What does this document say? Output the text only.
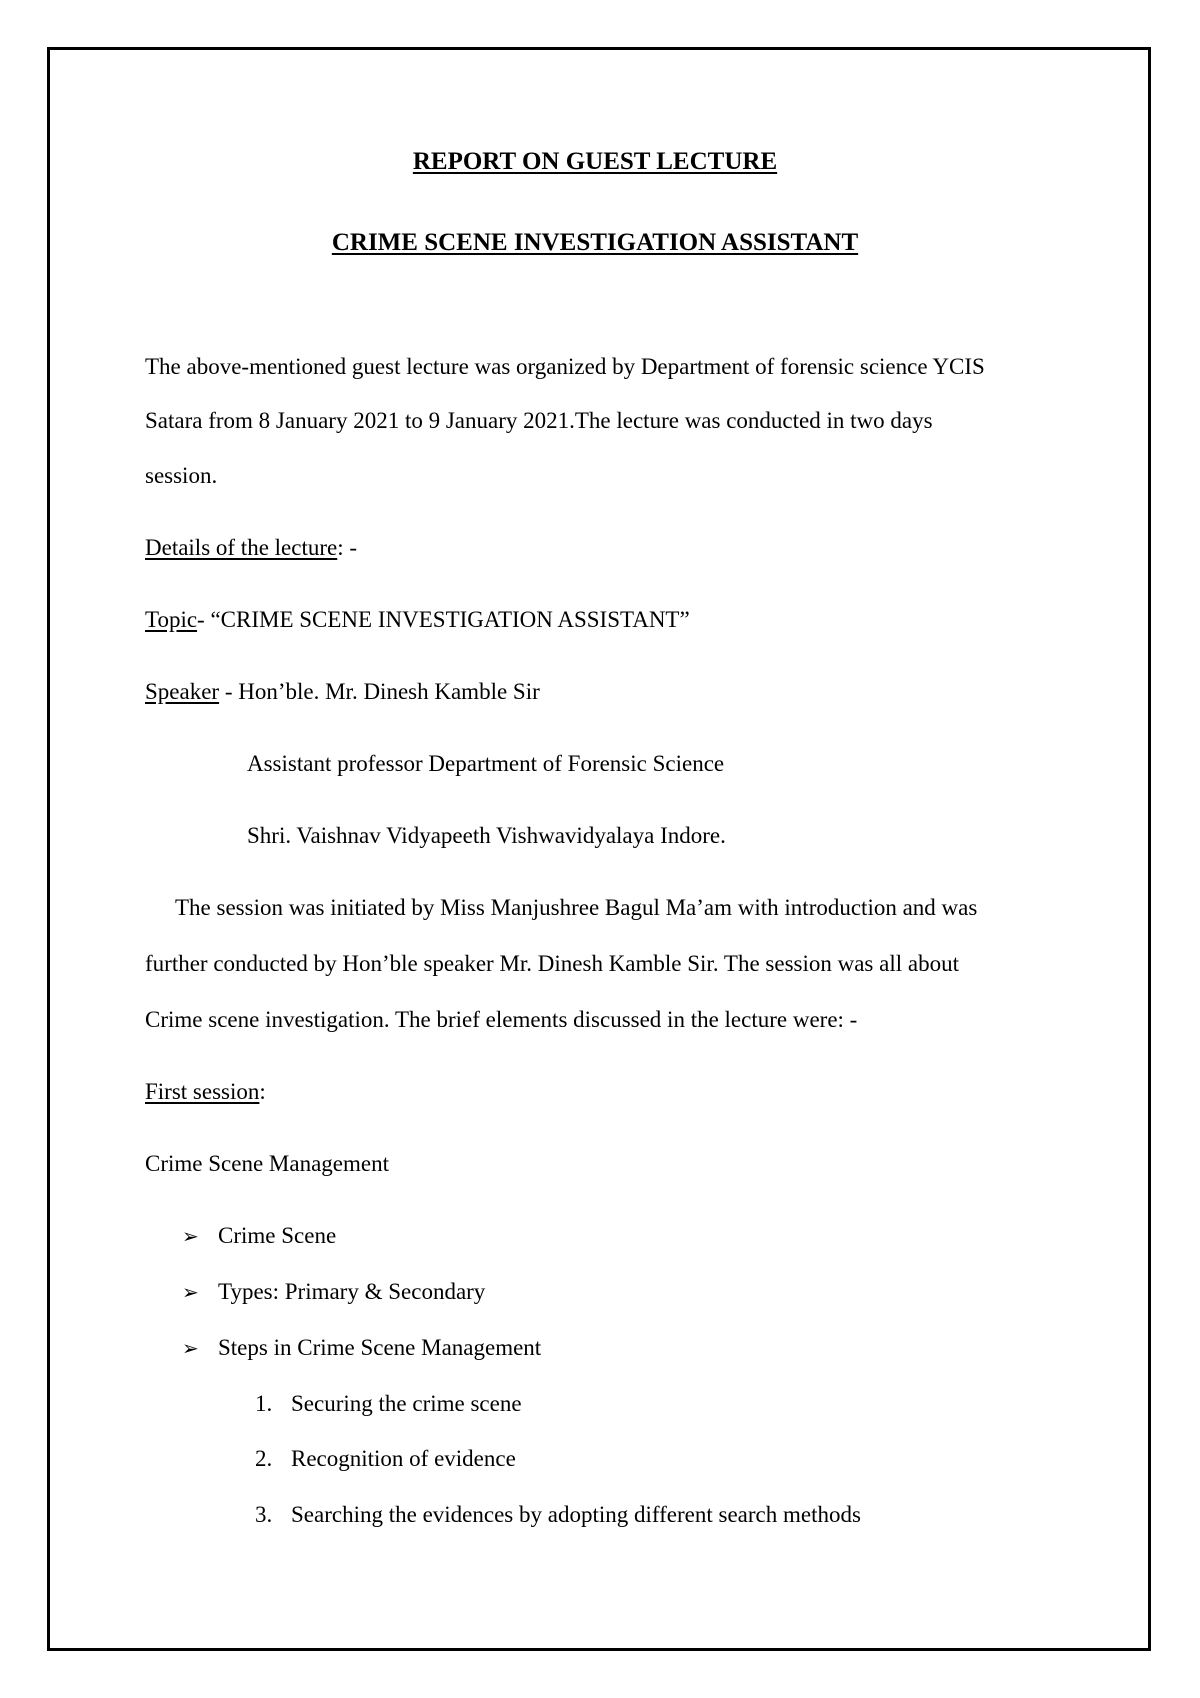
REPORT ON GUEST LECTURE
CRIME SCENE INVESTIGATION ASSISTANT
The above-mentioned guest lecture was organized by Department of forensic science YCIS
Satara from 8 January 2021 to 9 January 2021.The lecture was conducted in two days
session.
Details of the lecture: -
Topic- “CRIME SCENE INVESTIGATION ASSISTANT”
Speaker - Hon’ble. Mr. Dinesh Kamble Sir
Assistant professor Department of Forensic Science
Shri. Vaishnav Vidyapeeth Vishwavidyalaya Indore.
The session was initiated by Miss Manjushree Bagul Ma’am with introduction and was
further conducted by Hon’ble speaker Mr. Dinesh Kamble Sir. The session was all about
Crime scene investigation. The brief elements discussed in the lecture were: -
First session:
Crime Scene Management
➢ Crime Scene
➢ Types: Primary & Secondary
➢ Steps in Crime Scene Management
1. Securing the crime scene
2. Recognition of evidence
3. Searching the evidences by adopting different search methods
